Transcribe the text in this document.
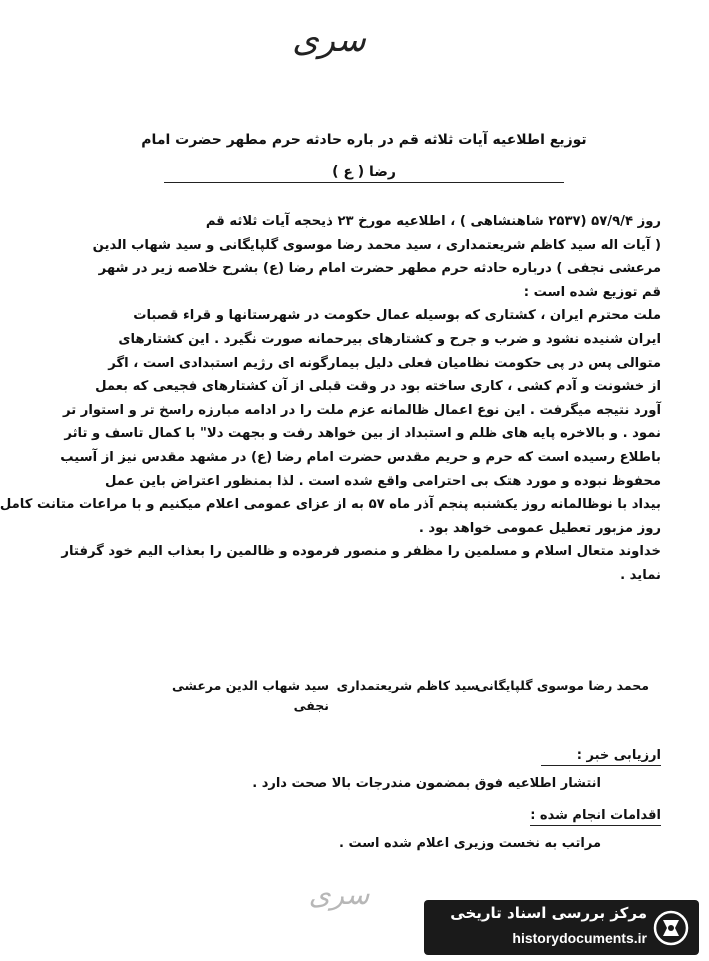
سری
توزیع اطلاعیه آیات ثلاثه قم در باره حادثه حرم مطهر حضرت امام
رضا ( ع )
روز ۵۷/۹/۴ (۲۵۳۷ شاهنشاهی ) ، اطلاعیه مورخ ۲۳ ذیحجه آیات ثلاثه قم
( آیات اله سید کاظم شریعتمداری ، سید محمد رضا موسوی گلپایگانی و سید شهاب الدین
مرعشی نجفی ) درباره حادثه حرم مطهر حضرت امام رضا (ع) بشرح خلاصه زیر در شهر
قم توزیع شده است :
ملت محترم ایران ، کشتاری که بوسیله عمال حکومت در شهرستانها و قراء قصبات
ایران شنیده نشود و ضرب و جرح و کشتارهای بیرحمانه صورت نگیرد . این کشتارهای
متوالی پس در پی حکومت نظامیان فعلی دلیل بیمارگونه ای رژیم استبدادی است ، اگر
از خشونت و آدم کشی ، کاری ساخته بود در وقت قبلی از آن کشتارهای فجیعی که بعمل
آورد نتیجه میگرفت . این نوع اعمال ظالمانه عزم ملت را در ادامه مبارزه راسخ تر و استوار تر
نمود . و بالاخره پایه های ظلم و استبداد از بین خواهد رفت و بجهت دلا" با کمال تاسف و تاثر
باطلاع رسیده است که حرم و حریم مقدس حضرت امام رضا (ع) در مشهد مقدس نیز از آسیب
محفوظ نبوده و مورد هتک بی احترامی واقع شده است . لذا بمنظور اعتراض باین عمل
بیداد با نوظالمانه روز یکشنبه پنجم آذر ماه ۵۷ به از عزای عمومی اعلام میکنیم و با مراعات متانت کامل
روز مزبور تعطیل عمومی خواهد بود .
خداوند متعال اسلام و مسلمین را مظفر و منصور فرموده و ظالمین را بعذاب الیم خود گرفتار
نماید .
محمد رضا موسوی گلپایگانی
سید کاظم شریعتمداری
سید شهاب الدین مرعشی نجفی
ارزیابی خبر :
انتشار اطلاعیه فوق بمضمون مندرجات بالا صحت دارد .
اقدامات انجام شده :
مراتب به نخست وزیری اعلام شده است .
سری
مرکز بررسی اسناد تاریخی
historydocuments.ir
